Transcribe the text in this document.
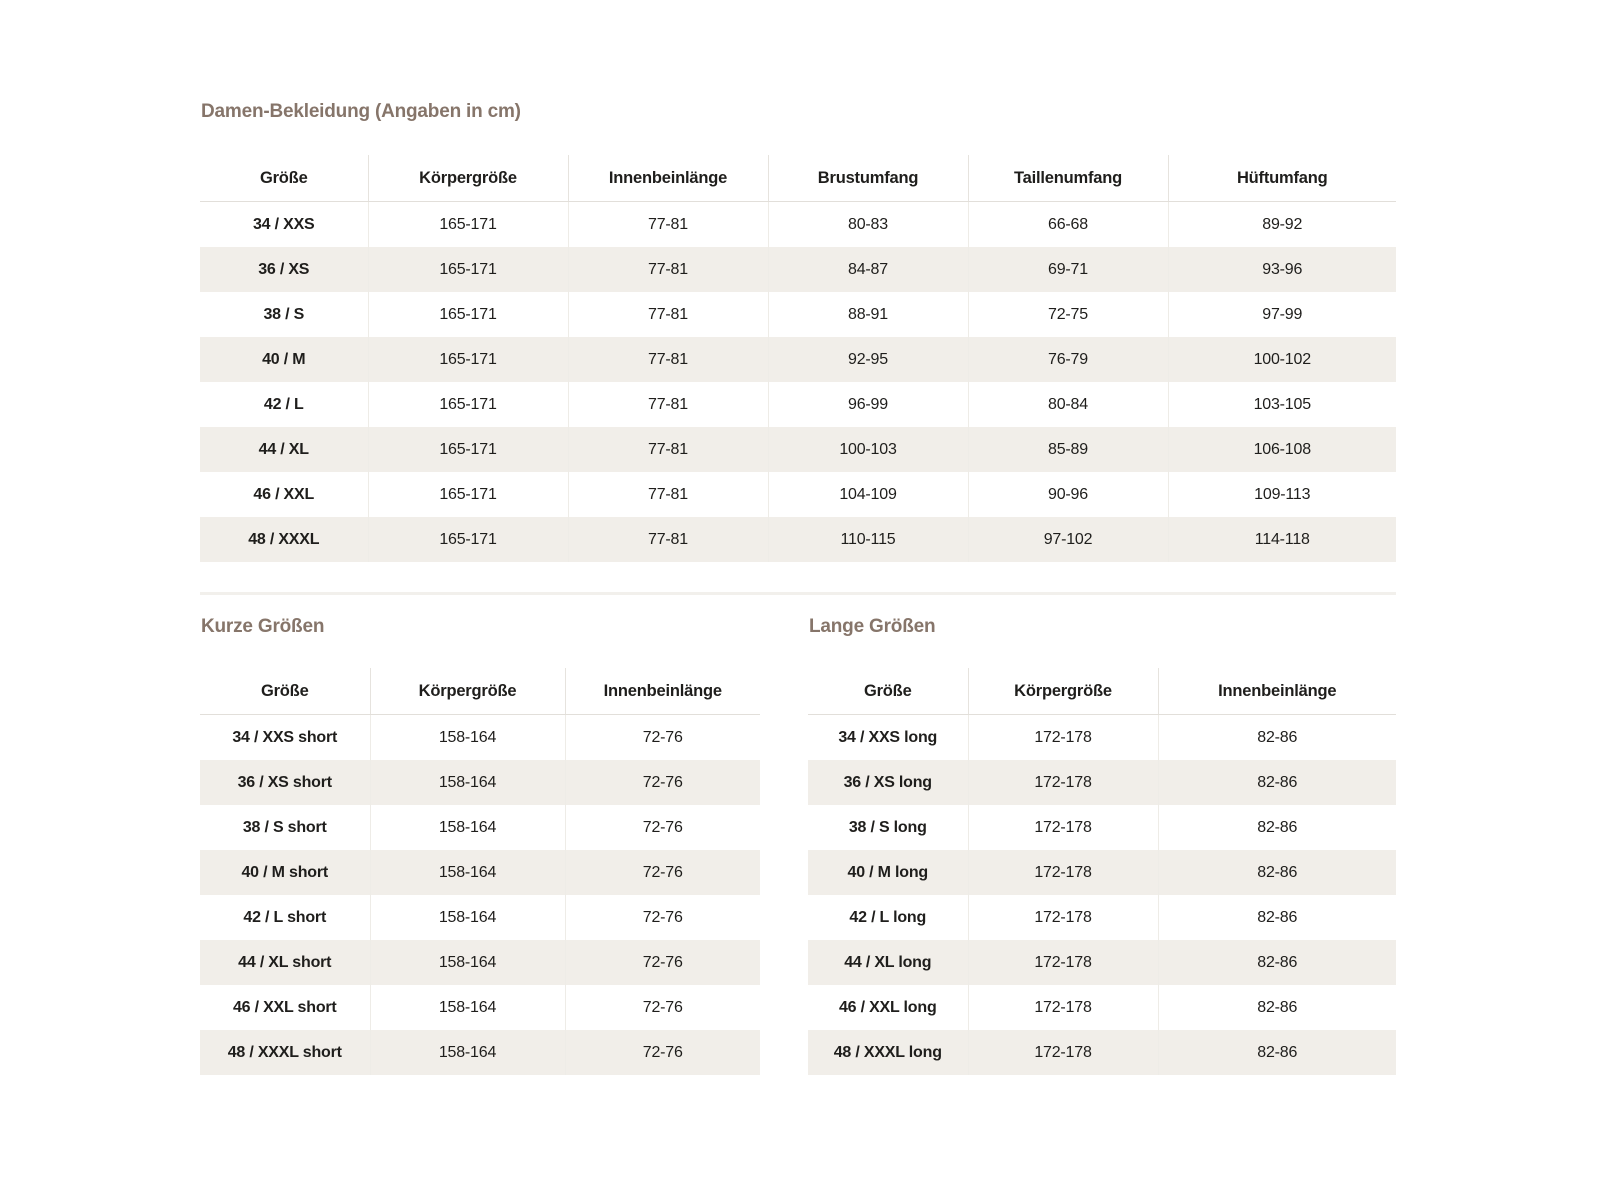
Damen-Bekleidung (Angaben in cm)
Größe	Körpergröße	Innenbeinlänge	Brustumfang	Taillenumfang	Hüftumfang
34 / XXS	165-171	77-81	80-83	66-68	89-92
36 / XS	165-171	77-81	84-87	69-71	93-96
38 / S	165-171	77-81	88-91	72-75	97-99
40 / M	165-171	77-81	92-95	76-79	100-102
42 / L	165-171	77-81	96-99	80-84	103-105
44 / XL	165-171	77-81	100-103	85-89	106-108
46 / XXL	165-171	77-81	104-109	90-96	109-113
48 / XXXL	165-171	77-81	110-115	97-102	114-118
Kurze Größen
Größe	Körpergröße	Innenbeinlänge
34 / XXS short	158-164	72-76
36 / XS short	158-164	72-76
38 / S short	158-164	72-76
40 / M short	158-164	72-76
42 / L short	158-164	72-76
44 / XL short	158-164	72-76
46 / XXL short	158-164	72-76
48 / XXXL short	158-164	72-76
Lange Größen
Größe	Körpergröße	Innenbeinlänge
34 / XXS long	172-178	82-86
36 / XS long	172-178	82-86
38 / S long	172-178	82-86
40 / M long	172-178	82-86
42 / L long	172-178	82-86
44 / XL long	172-178	82-86
46 / XXL long	172-178	82-86
48 / XXXL long	172-178	82-86
